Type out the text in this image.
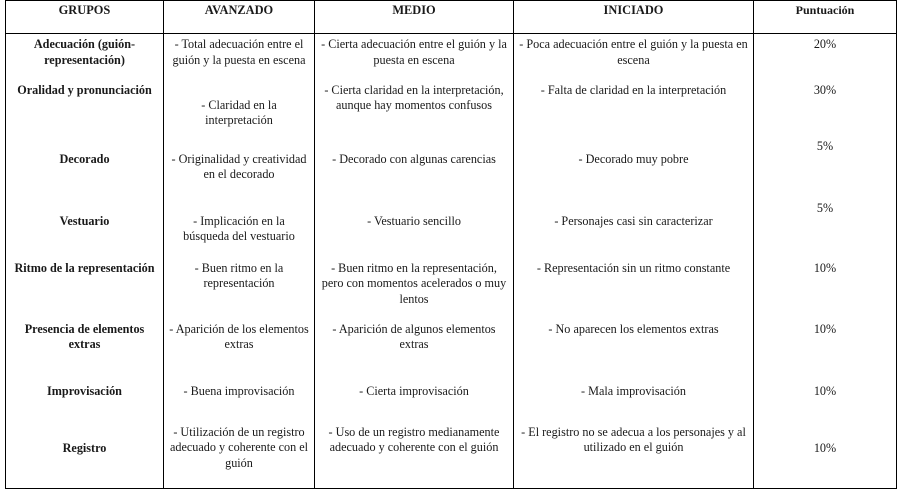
GRUPOS	AVANZADO	MEDIO	INICIADO	Puntuación

Adecuación (guión-representación)	- Total adecuación entre el guión y la puesta en escena	- Cierta adecuación entre el guión y la puesta en escena	- Poca adecuación entre el guión y la puesta en escena	20%

Oralidad y pronunciación	- Claridad en la interpretación	- Cierta claridad en la interpretación, aunque hay momentos confusos	- Falta de claridad en la interpretación	30%

Decorado	- Originalidad y creatividad en el decorado	- Decorado con algunas carencias	- Decorado muy pobre	5%

Vestuario	- Implicación en la búsqueda del vestuario	- Vestuario sencillo	- Personajes casi sin caracterizar	5%

Ritmo de la representación	- Buen ritmo en la representación	- Buen ritmo en la representación, pero con momentos acelerados o muy lentos	- Representación sin un ritmo constante	10%

Presencia de elementos extras	- Aparición de los elementos extras	- Aparición de algunos elementos extras	- No aparecen los elementos extras	10%

Improvisación	- Buena improvisación	- Cierta improvisación	- Mala improvisación	10%

Registro	- Utilización de un registro adecuado y coherente con el guión	- Uso de un registro medianamente adecuado y coherente con el guión	- El registro no se adecua a los personajes y al utilizado en el guión	10%
